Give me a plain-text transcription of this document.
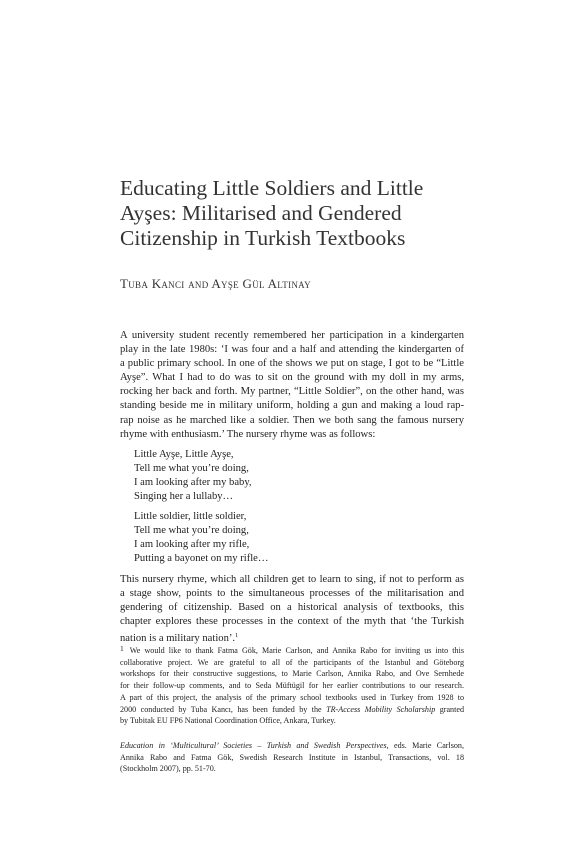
Educating Little Soldiers and Little
Ayşes: Militarised and Gendered
Citizenship in Turkish Textbooks
Tuba Kancı and Ayşe Gül Altınay

A university student recently remembered her participation in a kindergarten
play in the late 1980s: ‘I was four and a half and attending the kindergarten of
a public primary school. In one of the shows we put on stage, I got to be “Little
Ayşe”. What I had to do was to sit on the ground with my doll in my arms,
rocking her back and forth. My partner, “Little Soldier”, on the other hand, was
standing beside me in military uniform, holding a gun and making a loud rap-
rap noise as he marched like a soldier. Then we both sang the famous nursery
rhyme with enthusiasm.’ The nursery rhyme was as follows:

Little Ayşe, Little Ayşe,
Tell me what you’re doing,
I am looking after my baby,
Singing her a lullaby…
Little soldier, little soldier,
Tell me what you’re doing,
I am looking after my rifle,
Putting a bayonet on my rifle…

This nursery rhyme, which all children get to learn to sing, if not to perform as
a stage show, points to the simultaneous processes of the militarisation and
gendering of citizenship. Based on a historical analysis of textbooks, this
chapter explores these processes in the context of the myth that ‘the Turkish
nation is a military nation’.$^1$

1 We would like to thank Fatma Gök, Marie Carlson, and Annika Rabo for inviting us into this
collaborative project. We are grateful to all of the participants of the Istanbul and Göteborg
workshops for their constructive suggestions, to Marie Carlson, Annika Rabo, and Ove Sernhede
for their follow-up comments, and to Seda Müftügil for her earlier contributions to our research.
A part of this project, the analysis of the primary school textbooks used in Turkey from 1928 to
2000 conducted by Tuba Kancı, has been funded by the TR-Access Mobility Scholarship granted
by Tubitak EU FP6 National Coordination Office, Ankara, Turkey.
Education in ‘Multicultural’ Societies – Turkish and Swedish Perspectives, eds. Marie Carlson,
Annika Rabo and Fatma Gök, Swedish Research Institute in Istanbul, Transactions, vol. 18
(Stockholm 2007), pp. 51-70.
